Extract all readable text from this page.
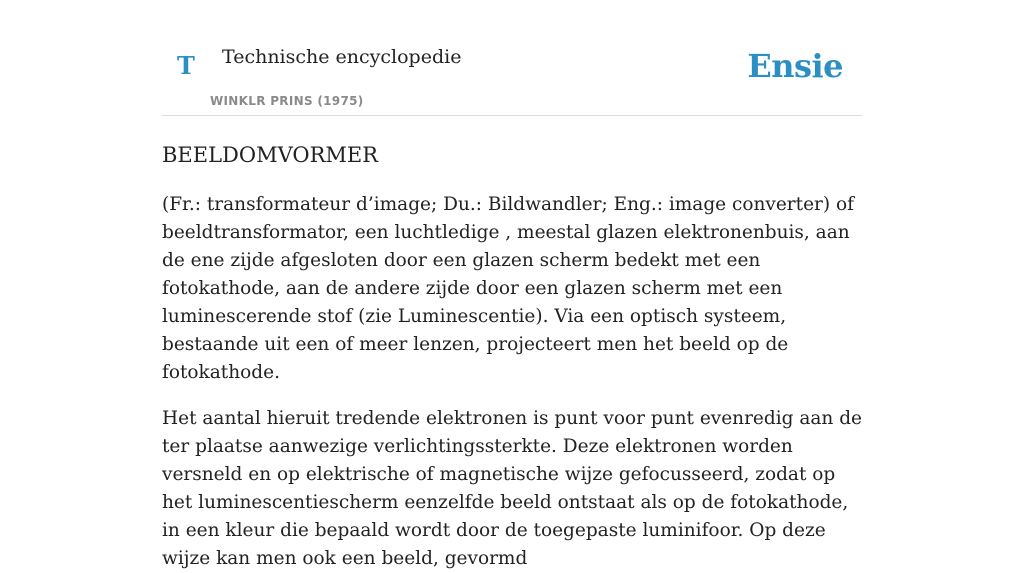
T Technische encyclopedie
WINKLR PRINS (1975)
Ensie
BEELDOMVORMER

(Fr.: transformateur d’image; Du.: Bildwandler; Eng.: image converter) of beeldtransformator, een luchtledige , meestal glazen elektronenbuis, aan de ene zijde afgesloten door een glazen scherm bedekt met een fotokathode, aan de andere zijde door een glazen scherm met een luminescerende stof (zie Luminescentie). Via een optisch systeem, bestaande uit een of meer lenzen, projecteert men het beeld op de fotokathode.

Het aantal hieruit tredende elektronen is punt voor punt evenredig aan de ter plaatse aanwezige verlichtingssterkte. Deze elektronen worden versneld en op elektrische of magnetische wijze gefocusseerd, zodat op het luminescentiescherm eenzelfde beeld ontstaat als op de fotokathode, in een kleur die bepaald wordt door de toegepaste luminifoor. Op deze wijze kan men ook een beeld, gevormd
